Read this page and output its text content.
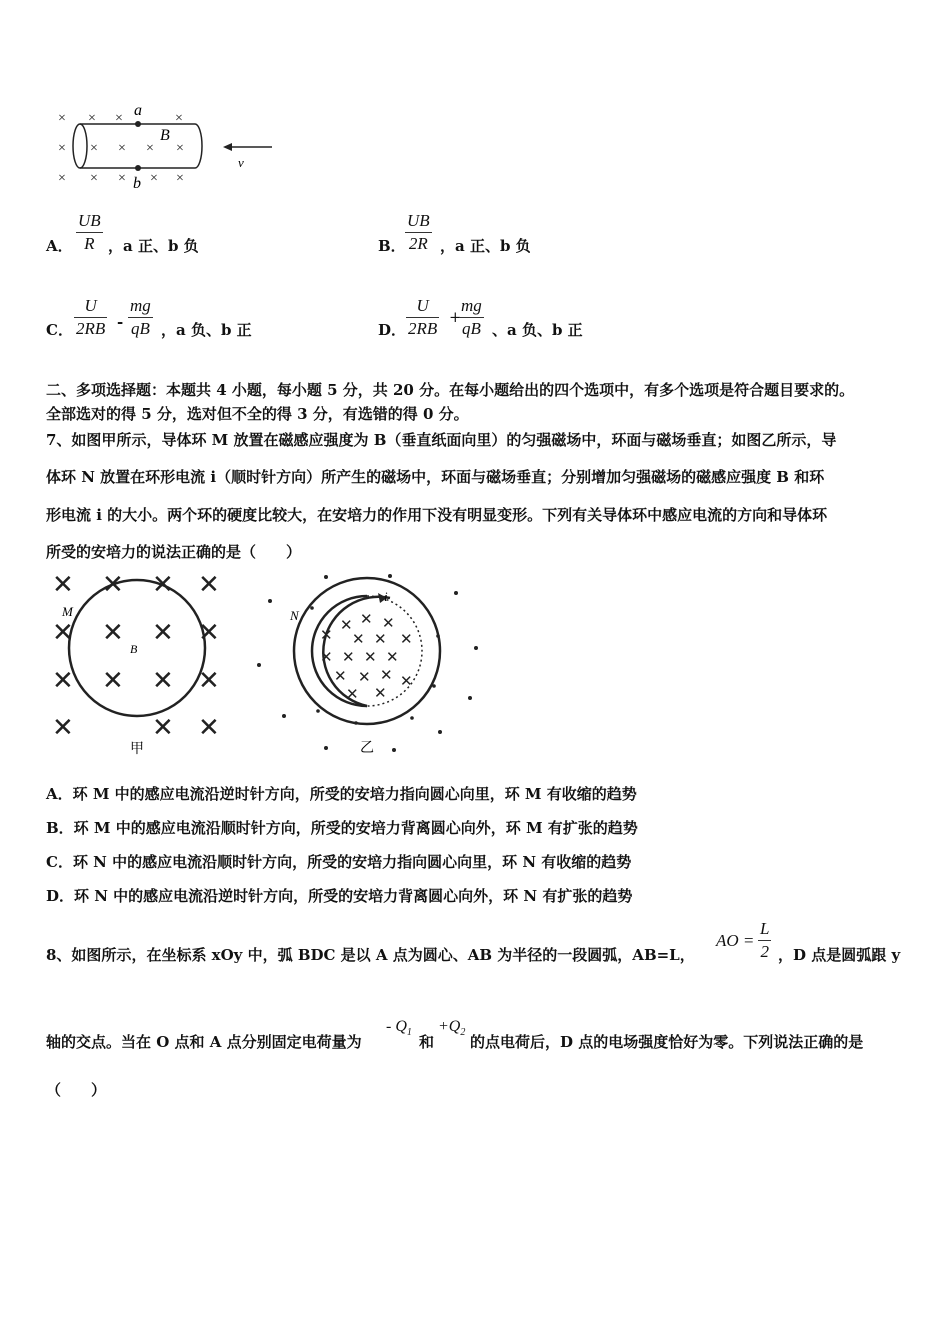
× × ×	×
× × × × ×
× × × × ×
a
b
B
v
A． $\frac{UB}{R}$ ，a 正、b 负	B． $\frac{UB}{2R}$ ，a 正、b 负
C． $\frac{U}{2RB} - \frac{mg}{qB}$ ，a 负、b 正	D． $\frac{U}{2RB}$ +
$\frac{mg}{qB}$ 、a 负、b 正
二、多项选择题：本题共 4 小题，每小题 5 分，共 20 分。在每小题给出的四个选项中，有多个选项是符合题目要求的。
全部选对的得 5 分，选对但不全的得 3 分，有选错的得 0 分。
7、如图甲所示，导体环 M 放置在磁感应强度为 B（垂直纸面向里）的匀强磁场中，环面与磁场垂直；如图乙所示，导
体环 N 放置在环形电流 i（顺时针方向）所产生的磁场中，环面与磁场垂直；分别增加匀强磁场的磁感应强度 B 和环
形电流 i 的大小。两个环的硬度比较大，在安培力的作用下没有明显变形。下列有关导体环中感应电流的方向和导体环
所受的安培力的说法正确的是（　　）
✕ ✕ ✕ ✕
✕ ✕ ✕ ✕
✕ ✕ ✕ ✕
✕	✕ ✕
M
B
甲
i
N
✕ ✕ ✕
✕ ✕ ✕ ✕
✕ ✕ ✕ ✕
✕ ✕ ✕ ✕
✕ ✕
乙
A．环 M 中的感应电流沿逆时针方向，所受的安培力指向圆心向里，环 M 有收缩的趋势
B．环 M 中的感应电流沿顺时针方向，所受的安培力背离圆心向外，环 M 有扩张的趋势
C．环 N 中的感应电流沿顺时针方向，所受的安培力指向圆心向里，环 N 有收缩的趋势
D．环 N 中的感应电流沿逆时针方向，所受的安培力背离圆心向外，环 N 有扩张的趋势
8、如图所示，在坐标系 xOy 中，弧 BDC 是以 A 点为圆心、AB 为半径的一段圆弧，AB=L，
AO = $\frac{L}{2}$ ，D 点是圆弧跟 y
轴的交点。当在 O 点和 A 点分别固定电荷量为
- $Q_1$
和
$+Q_2$
的点电荷后，D 点的电场强度恰好为零。下列说法正确的是
（　　）
